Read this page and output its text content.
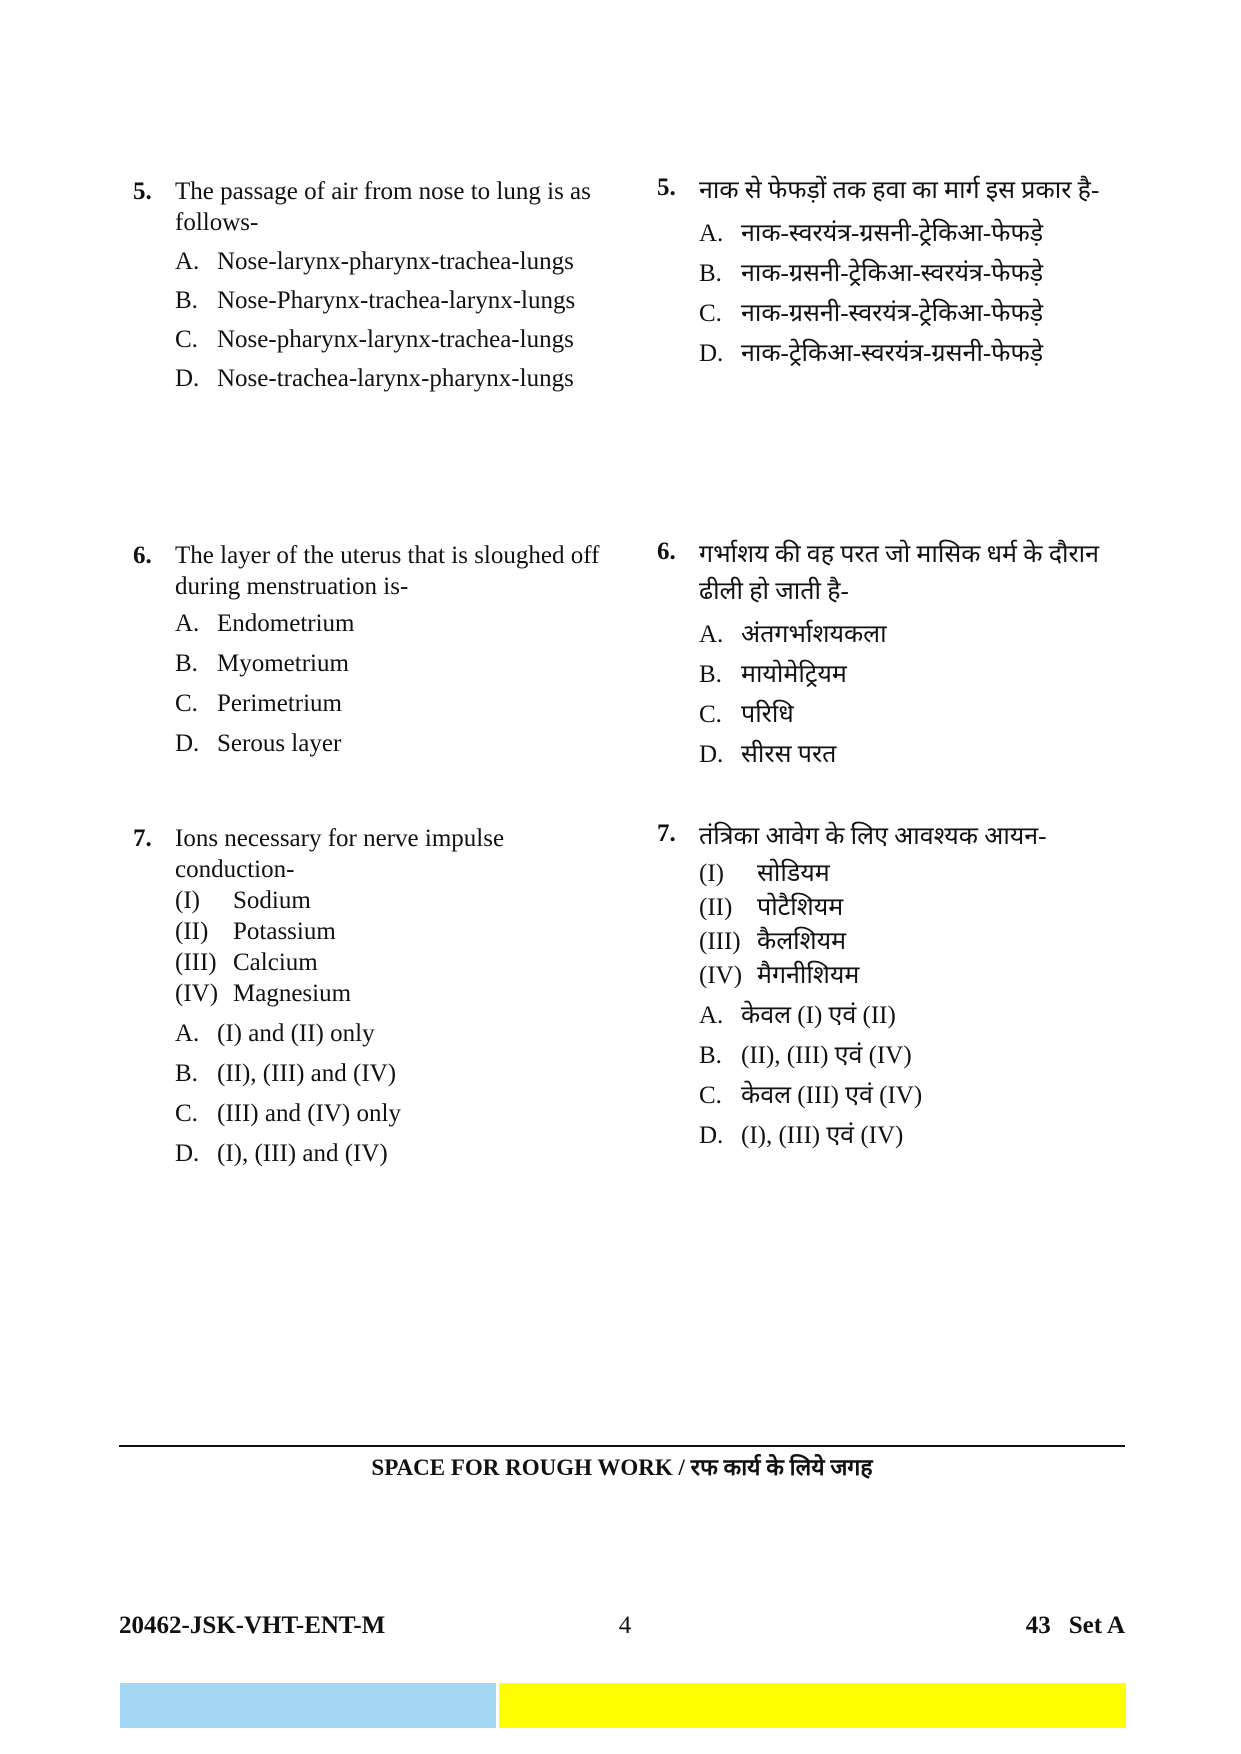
5. The passage of air from nose to lung is as follows-
A. Nose-larynx-pharynx-trachea-lungs
B. Nose-Pharynx-trachea-larynx-lungs
C. Nose-pharynx-larynx-trachea-lungs
D. Nose-trachea-larynx-pharynx-lungs
6. The layer of the uterus that is sloughed off during menstruation is-
A. Endometrium
B. Myometrium
C. Perimetrium
D. Serous layer
7. Ions necessary for nerve impulse conduction-
(I)	Sodium
(II) Potassium
(III) Calcium
(IV) Magnesium
A. (I) and (II) only
B. (II), (III) and (IV)
C. (III) and (IV) only
D. (I), (III) and (IV)
5. नाक से फेफड़ों तक हवा का मार्ग इस प्रकार है-
A. नाक-स्वरयंत्र-ग्रसनी-ट्रेकिआ-फेफड़े
B. नाक-ग्रसनी-ट्रेकिआ-स्वरयंत्र-फेफड़े
C. नाक-ग्रसनी-स्वरयंत्र-ट्रेकिआ-फेफड़े
D. नाक-ट्रेकिआ-स्वरयंत्र-ग्रसनी-फेफड़े
6. गर्भाशय की वह परत जो मासिक धर्म के दौरान ढीली हो जाती है-
A. अंतगर्भाशयकला
B. मायोमेट्रियम
C. परिधि
D. सीरस परत
7. तंत्रिका आवेग के लिए आवश्यक आयन-
(I)	सोडियम
(II) पोटैशियम
(III) कैलशियम
(IV) मैगनीशियम
A. केवल (I) एवं (II)
B. (II), (III) एवं (IV)
C. केवल (III) एवं (IV)
D. (I), (III) एवं (IV)
SPACE FOR ROUGH WORK / रफ कार्य के लिये जगह
20462-JSK-VHT-ENT-M	4	43 Set A
